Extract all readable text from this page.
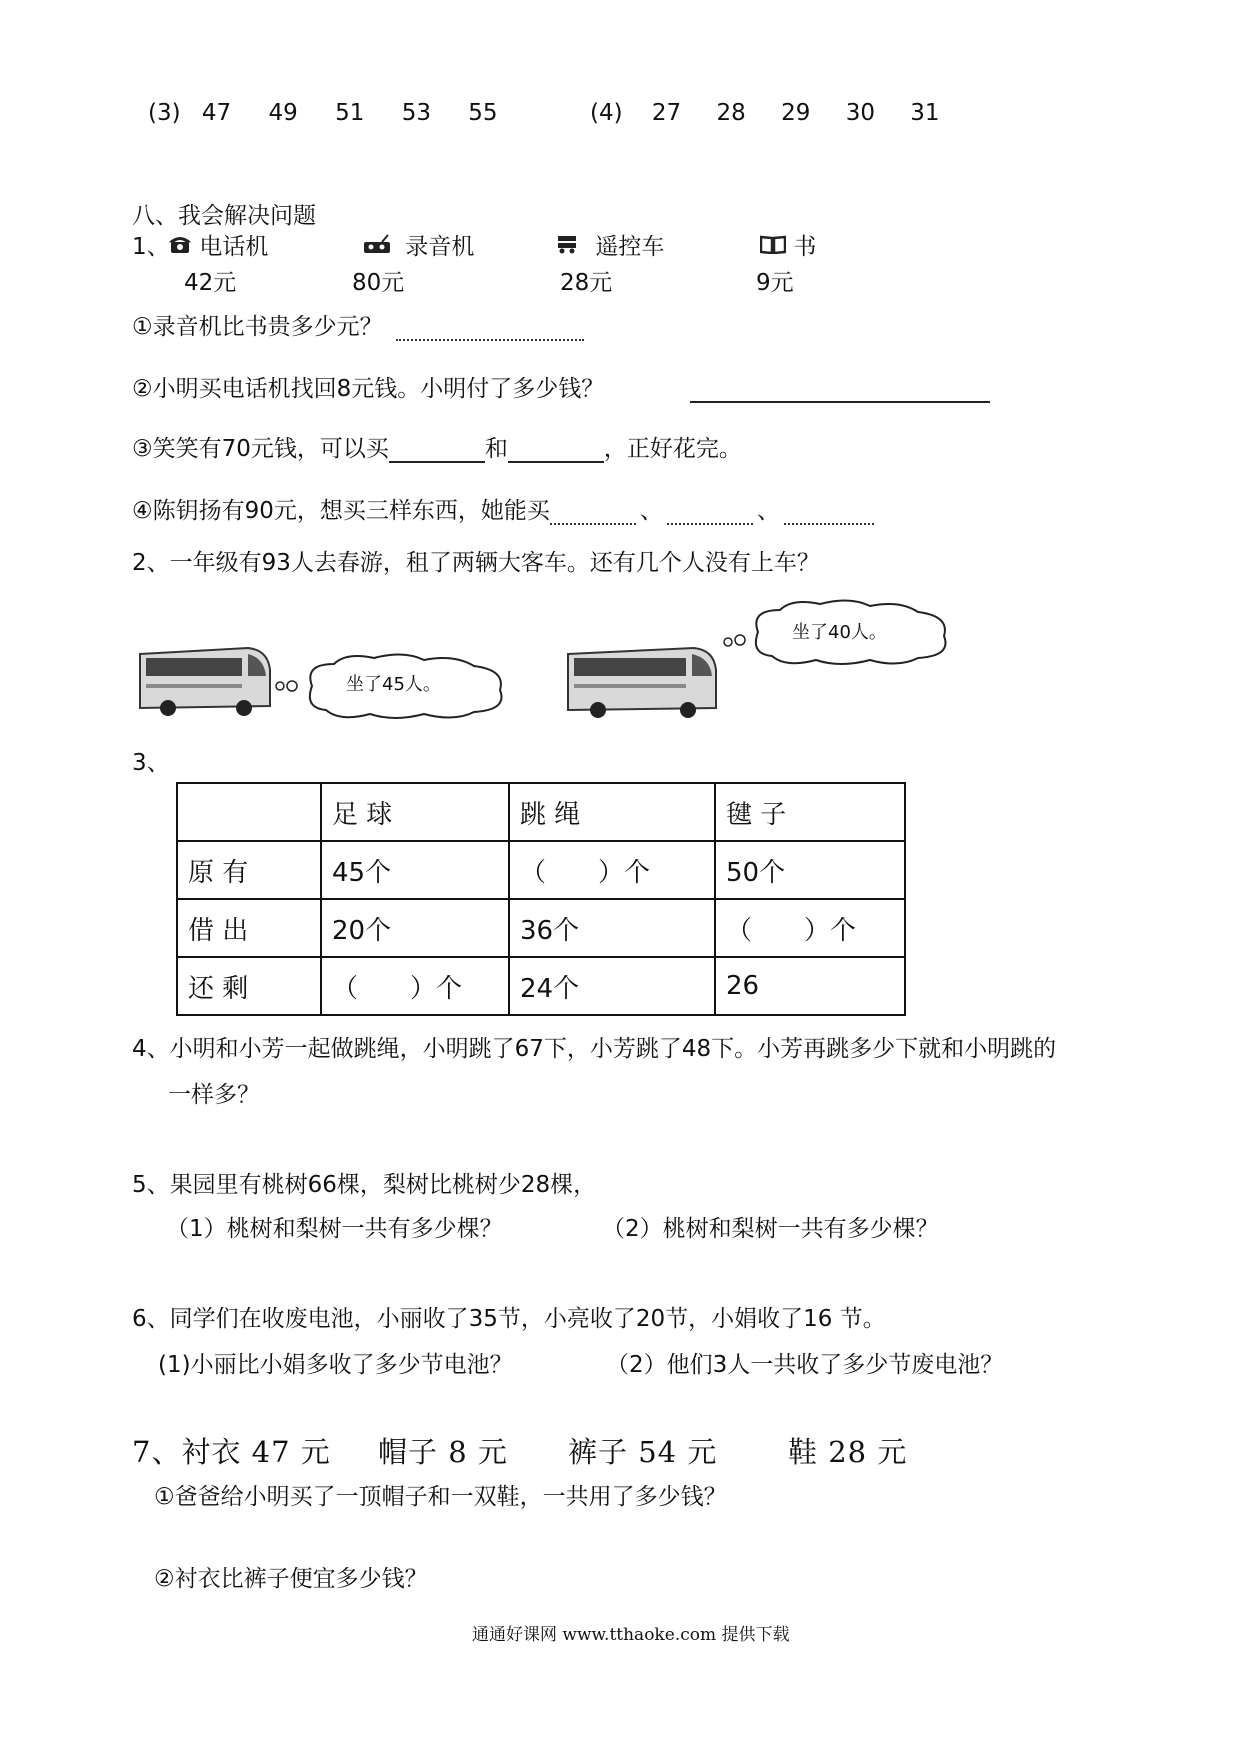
(3) 47 49 51 53 55	(4) 27 28 29 30 31
八、我会解决问题
1、	电话机	录音机	遥控车	书
42元	80元	28元	9元
①录音机比书贵多少元？
②小明买电话机找回8元钱。小明付了多少钱？
③笑笑有70元钱，可以买	和	，正好花完。
④陈钥扬有90元，想买三样东西，她能买	、	、
2、一年级有93人去春游，租了两辆大客车。还有几个人没有上车？
坐了45人。
坐了40人。
3、
	足 球	跳 绳	毽 子
原 有	45个	（　　）个	50个
借 出	20个	36个	（　　）个
还 剩	（　　）个	24个	26
4、小明和小芳一起做跳绳，小明跳了67下，小芳跳了48下。小芳再跳多少下就和小明跳的
一样多？
5、果园里有桃树66棵，梨树比桃树少28棵，
（1）桃树和梨树一共有多少棵？	（2）桃树和梨树一共有多少棵？
6、同学们在收废电池，小丽收了35节，小亮收了20节，小娟收了16 节。
(1)小丽比小娟多收了多少节电池？	（2）他们3人一共收了多少节废电池？
7、衬衣 47 元 帽子 8 元 裤子 54 元 鞋 28 元
①爸爸给小明买了一顶帽子和一双鞋，一共用了多少钱？
②衬衣比裤子便宜多少钱？
通通好课网 www.tthaoke.com 提供下载
